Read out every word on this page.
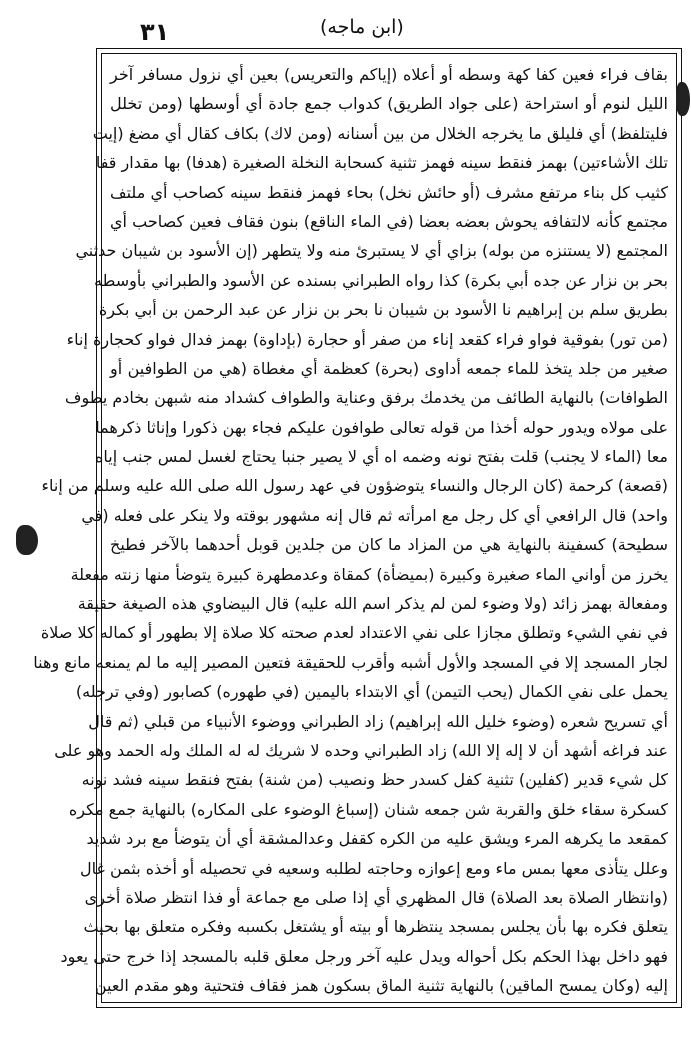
(ابن ماجه)
٣١
بقاف فراء فعين كفا كهة وسطه أو أعلاه (إياكم والتعريس) بعين أي نزول مسافر آخر
الليل لنوم أو استراحة (على جواد الطريق) كدواب جمع جادة أي أوسطها (ومن تخلل
فليتلفظ) أي فليلق ما يخرجه الخلال من بين أسنانه (ومن لاك) بكاف كقال أي مضغ (إيت
تلك الأشاءتين) بهمز فنقط سينه فهمز تثنية كسحابة النخلة الصغيرة (هدفا) بها مقدار قفا
كثيب كل بناء مرتفع مشرف (أو حائش نخل) بحاء فهمز فنقط سينه كصاحب أي ملتف
مجتمع كأنه لالتفافه يحوش بعضه بعضا (في الماء الناقع) بنون فقاف فعين كصاحب أي
المجتمع (لا يستنزه من بوله) بزاي أي لا يستبرئ منه ولا يتطهر (إن الأسود بن شيبان حدثني
بحر بن نزار عن جده أبي بكرة) كذا رواه الطبراني بسنده عن الأسود والطبراني بأوسطه
بطريق سلم بن إبراهيم نا الأسود بن شيبان نا بحر بن نزار عن عبد الرحمن بن أبي بكرة
(من تور) بفوقية فواو فراء كقعد إناء من صفر أو حجارة (بإداوة) بهمز فدال فواو كحجارة إناء
صغير من جلد يتخذ للماء جمعه أداوى (بحرة) كعظمة أي مغطاة (هي من الطوافين أو
الطوافات) بالنهاية الطائف من يخدمك برفق وعناية والطواف كشداد منه شبهن بخادم يطوف
على مولاه ويدور حوله أخذا من قوله تعالى طوافون عليكم فجاء بهن ذكورا وإناثا ذكرهما
معا (الماء لا يجنب) قلت بفتح نونه وضمه اه أي لا يصير جنبا يحتاج لغسل لمس جنب إياه
(قصعة) كرحمة (كان الرجال والنساء يتوضؤون في عهد رسول الله صلى الله عليه وسلم من إناء
واحد) قال الرافعي أي كل رجل مع امرأته ثم قال إنه مشهور بوقته ولا ينكر على فعله (في
سطيحة) كسفينة بالنهاية هي من المزاد ما كان من جلدين قوبل أحدهما بالآخر فطيخ
يخرز من أواني الماء صغيرة وكبيرة (بميضأة) كمقاة وعدمطهرة كبيرة يتوضأ منها زنته مفعلة
ومفعالة بهمز زائد (ولا وضوء لمن لم يذكر اسم الله عليه) قال البيضاوي هذه الصيغة حقيقة
في نفي الشيء وتطلق مجازا على نفي الاعتداد لعدم صحته كلا صلاة إلا بطهور أو كماله كلا صلاة
لجار المسجد إلا في المسجد والأول أشبه وأقرب للحقيقة فتعين المصير إليه ما لم يمنعه مانع وهنا
يحمل على نفي الكمال (يحب التيمن) أي الابتداء باليمين (في طهوره) كصابور (وفي ترجله)
أي تسريح شعره (وضوء خليل الله إبراهيم) زاد الطبراني ووضوء الأنبياء من قبلي (ثم قال
عند فراغه أشهد أن لا إله إلا الله) زاد الطبراني وحده لا شريك له له الملك وله الحمد وهو على
كل شيء قدير (كفلين) تثنية كفل كسدر حظ ونصيب (من شنة) بفتح فنقط سينه فشد نونه
كسكرة سقاء خلق والقربة شن جمعه شنان (إسباغ الوضوء على المكاره) بالنهاية جمع مكره
كمقعد ما يكرهه المرء ويشق عليه من الكره كقفل وعدالمشقة أي أن يتوضأ مع برد شديد
وعلل يتأذى معها بمس ماء ومع إعوازه وحاجته لطلبه وسعيه في تحصيله أو أخذه بثمن غال
(وانتظار الصلاة بعد الصلاة) قال المظهري أي إذا صلى مع جماعة أو فذا انتظر صلاة أخرى
يتعلق فكره بها بأن يجلس بمسجد ينتظرها أو بيته أو يشتغل بكسبه وفكره متعلق بها بحيث
فهو داخل بهذا الحكم بكل أحواله ويدل عليه آخر ورجل معلق قلبه بالمسجد إذا خرج حتى يعود
إليه (وكان يمسح الماقين) بالنهاية تثنية الماق بسكون همز فقاف فتحتية وهو مقدم العين
